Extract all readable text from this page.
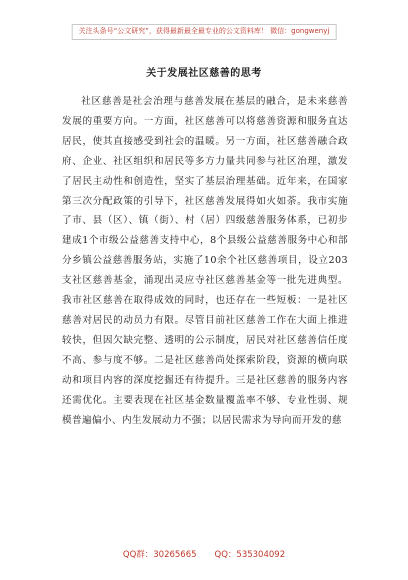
关注头条号“公文研究”，获得最新最全最专业的公文资料库！ 微信：gongwenyj
关于发展社区慈善的思考

社区慈善是社会治理与慈善发展在基层的融合，是未来慈善发展的重要方向。一方面，社区慈善可以将慈善资源和服务直达居民，使其直接感受到社会的温暖。另一方面，社区慈善融合政府、企业、社区组织和居民等多方力量共同参与社区治理，激发了居民主动性和创造性，坚实了基层治理基础。近年来，在国家第三次分配政策的引导下，社区慈善发展得如火如荼。我市实施了市、县（区）、镇（街）、村（居）四级慈善服务体系，已初步建成1个市级公益慈善支持中心，8个县级公益慈善服务中心和部分乡镇公益慈善服务站，实施了10余个社区慈善项目，设立203支社区慈善基金，涌现出灵应寺社区慈善基金等一批先进典型。我市社区慈善在取得成效的同时，也还存在一些短板：一是社区慈善对居民的动员力有限。尽管目前社区慈善工作在大面上推进较快，但因欠缺完整、透明的公示制度，居民对社区慈善信任度不高、参与度不够。二是社区慈善尚处探索阶段，资源的横向联动和项目内容的深度挖掘还有待提升。三是社区慈善的服务内容还需优化。主要表现在社区基金数量覆盖率不够、专业性弱、规模普遍偏小、内生发展动力不强；以居民需求为导向而开发的慈

QQ群：30265665 QQ：535304092
